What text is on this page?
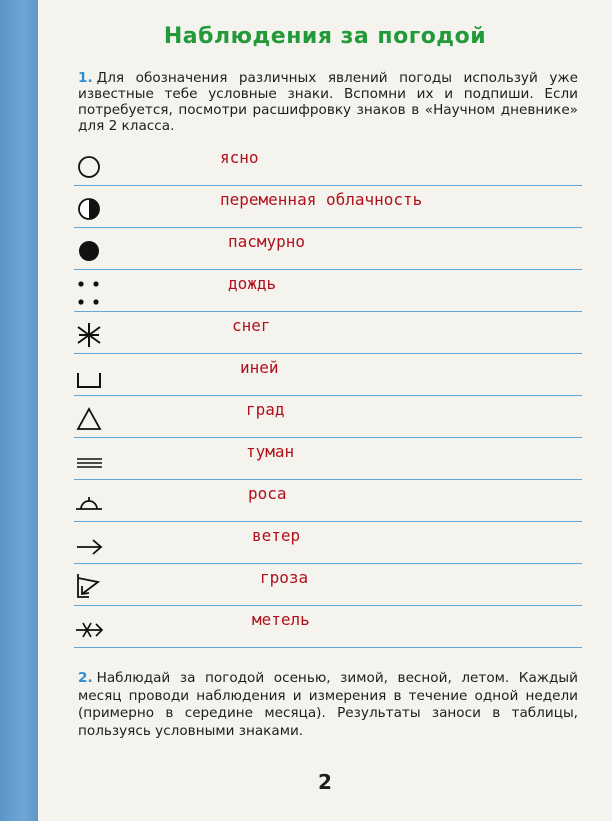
Наблюдения за погодой
1. Для обозначения различных явлений погоды используй уже известные тебе условные знаки. Вспомни их и подпиши. Если потребуется, посмотри расшифровку знаков в «Научном дневнике» для 2 класса.
ясно
переменная облачность
пасмурно
дождь
снег
иней
град
туман
роса
ветер
гроза
метель
2. Наблюдай за погодой осенью, зимой, весной, летом. Каждый месяц проводи наблюдения и измерения в течение одной недели (примерно в середине месяца). Результаты заноси в таблицы, пользуясь условными знаками.
2
